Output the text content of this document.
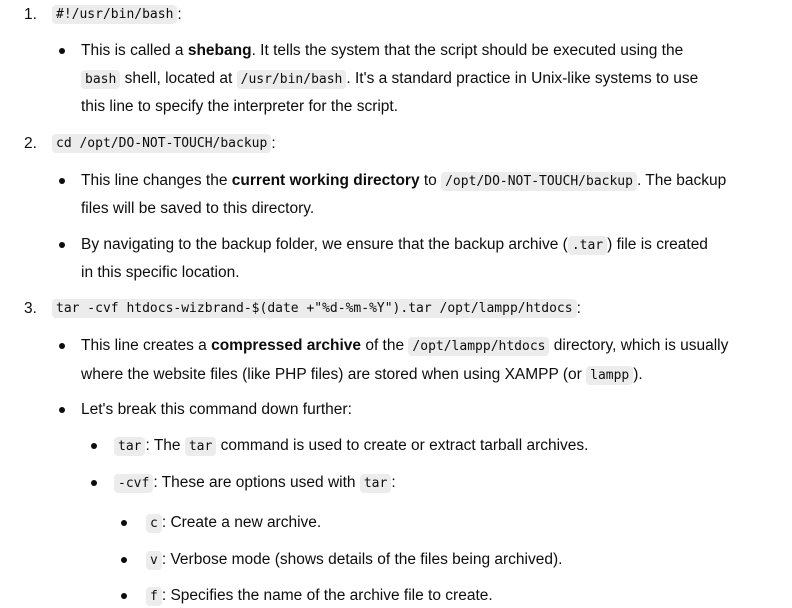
1.	#!/usr/bin/bash :
This is called a shebang. It tells the system that the script should be executed using the
bash shell, located at /usr/bin/bash . It's a standard practice in Unix-like systems to use
this line to specify the interpreter for the script.
2.	cd /opt/DO-NOT-TOUCH/backup :
This line changes the current working directory to /opt/DO-NOT-TOUCH/backup . The backup
files will be saved to this directory.
By navigating to the backup folder, we ensure that the backup archive ( .tar ) file is created
in this specific location.
3.	tar -cvf htdocs-wizbrand-$(date +"%d-%m-%Y").tar /opt/lampp/htdocs :
This line creates a compressed archive of the /opt/lampp/htdocs directory, which is usually
where the website files (like PHP files) are stored when using XAMPP (or lampp ).
Let's break this command down further:
tar : The tar command is used to create or extract tarball archives.
-cvf : These are options used with tar :
c : Create a new archive.
v : Verbose mode (shows details of the files being archived).
f : Specifies the name of the archive file to create.
